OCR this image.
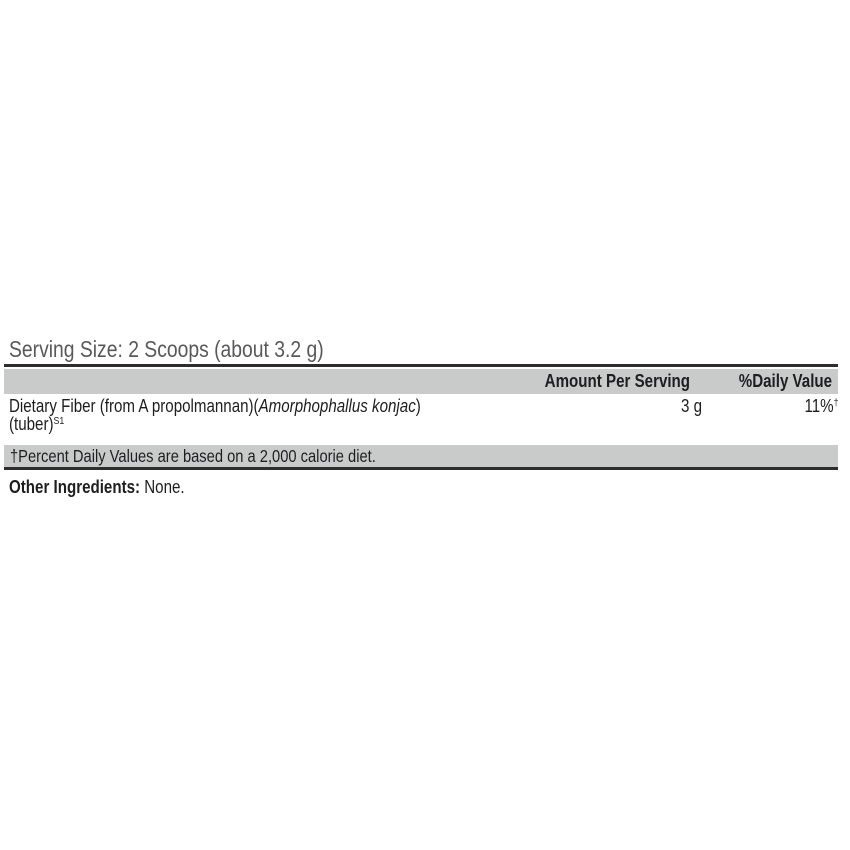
Serving Size: 2 Scoops (about 3.2 g)
Amount Per Serving	%Daily Value
Dietary Fiber (from A propolmannan)(Amorphophallus konjac)
(tuber)$^{S1}$
3 g	11%†
†Percent Daily Values are based on a 2,000 calorie diet.
Other Ingredients: None.
